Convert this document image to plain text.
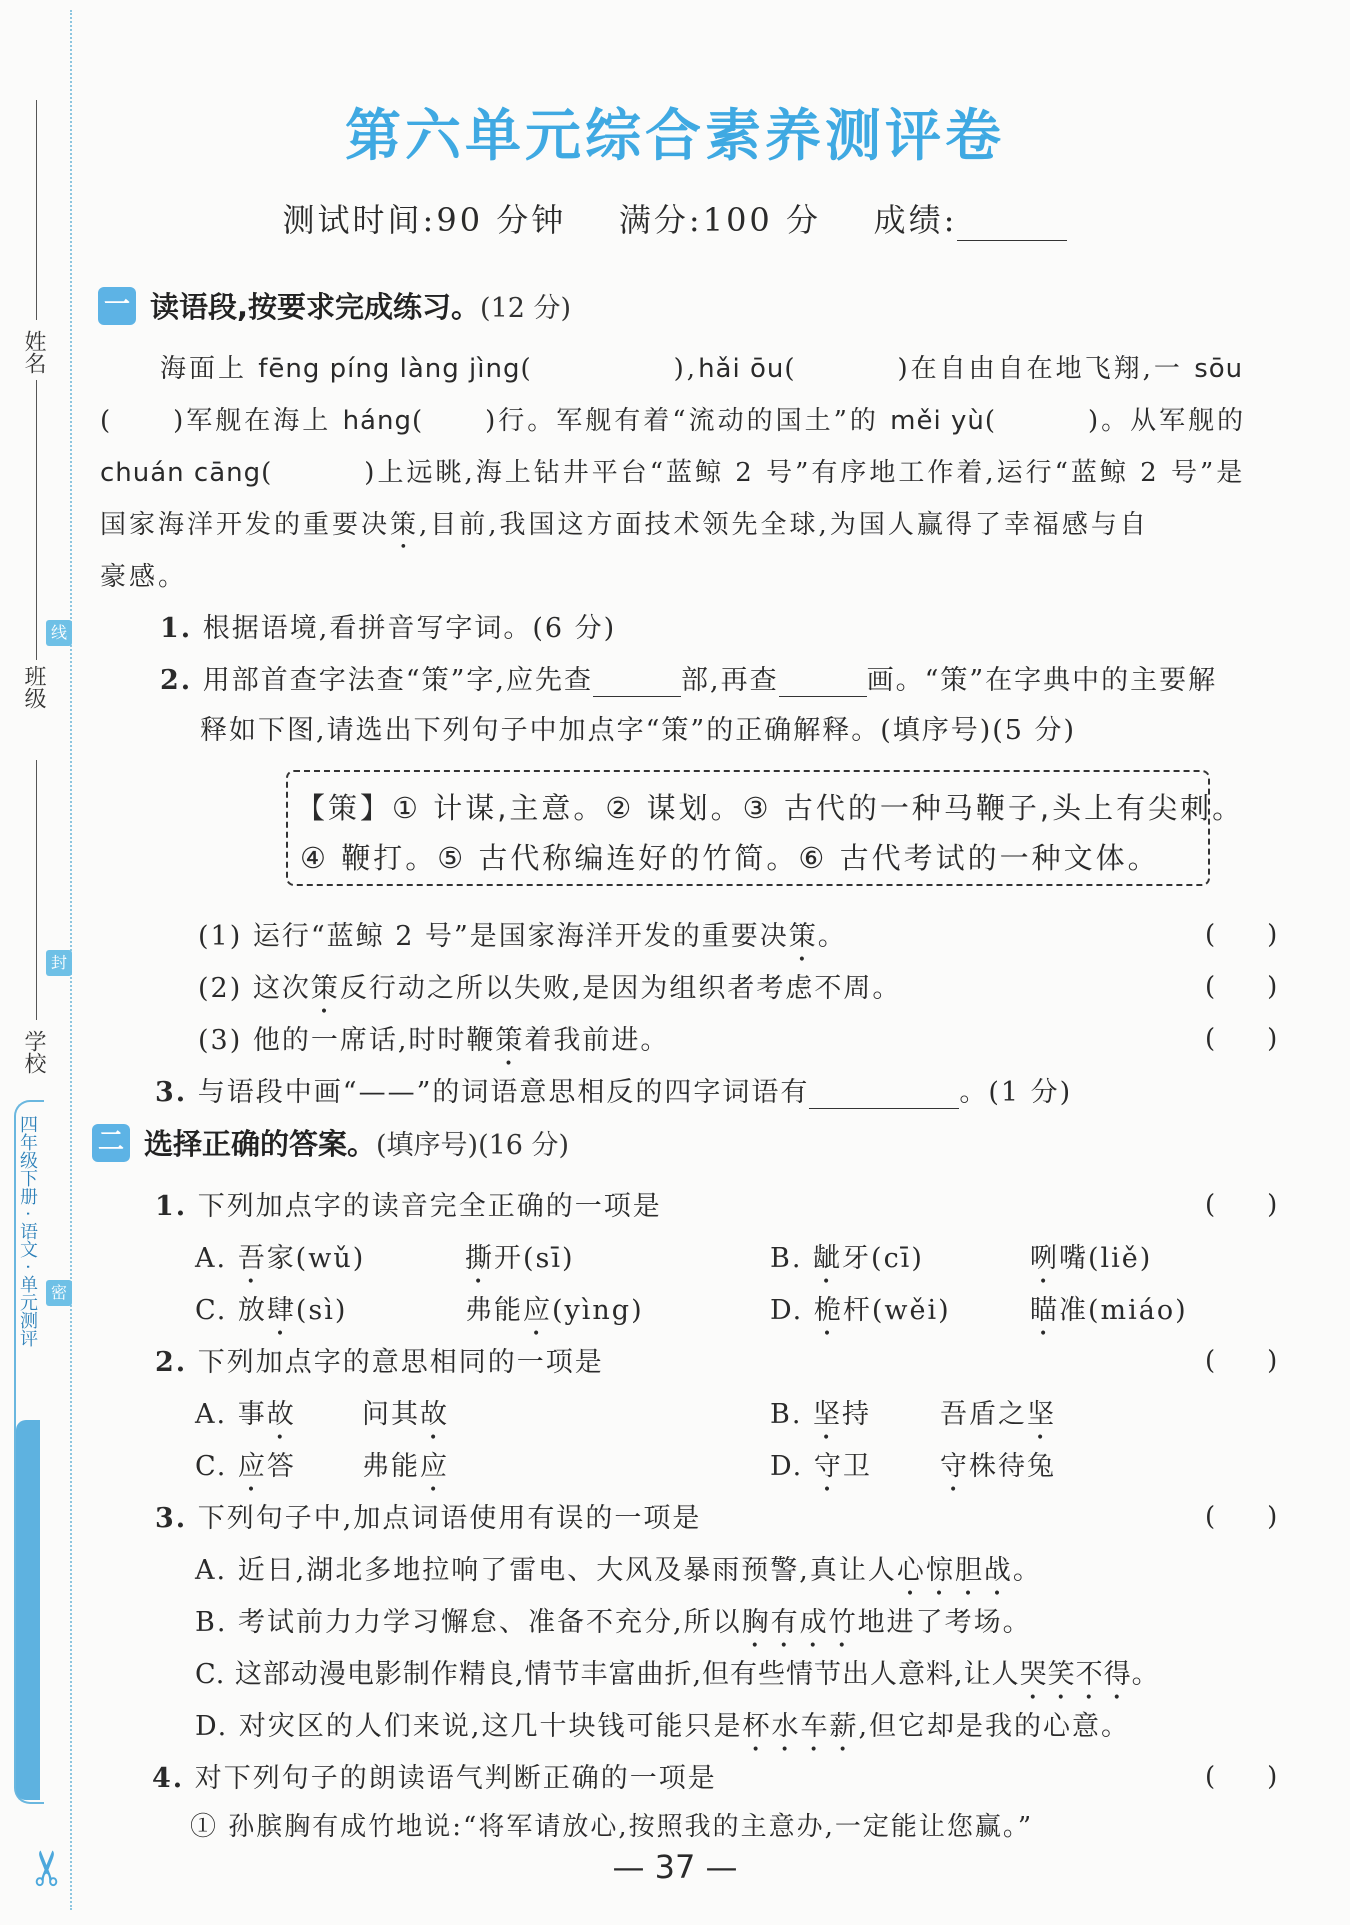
姓名
班级
学校
线
封
密
四年级下册 · 语文 · 单元测评
第六单元综合素养测评卷
测试时间:90 分钟 满分:100 分 成绩:
一 读语段,按要求完成练习。 (12 分)
海面上 fēng píng làng jìng(	),hǎi ōu(	)在自由自在地飞翔,一 sōu
( )军舰在海上 háng( )行。军舰有着“流动的国土”的 měi yù(	)。从军舰的
chuán cāng(	)上远眺,海上钻井平台“蓝鲸 2 号”有序地工作着,运行“蓝鲸 2 号”是
国家海洋开发的重要决策,目前,我国这方面技术领先全球,为国人赢得了幸福感与自
豪感。
1. 根据语境,看拼音写字词。(6 分)
2. 用部首查字法查“策”字,应先查	部,再查	画。“策”在字典中的主要解
释如下图,请选出下列句子中加点字“策”的正确解释。(填序号)(5 分)
【策】① 计谋,主意。② 谋划。③ 古代的一种马鞭子,头上有尖刺。
④ 鞭打。⑤ 古代称编连好的竹简。⑥ 古代考试的一种文体。
(1) 运行“蓝鲸 2 号”是国家海洋开发的重要决策。	(　　)
(2) 这次策反行动之所以失败,是因为组织者考虑不周。	(　　)
(3) 他的一席话,时时鞭策着我前进。	(　　)
3. 与语段中画“——”的词语意思相反的四字词语有	。(1 分)
二 选择正确的答案。 (填序号)(16 分)
1. 下列加点字的读音完全正确的一项是	(　　)
A. 吾家(wǔ)	撕开(sī)	B. 龇牙(cī)	咧嘴(liě)
C. 放肆(sì)	弗能应(yìng)	D. 桅杆(wěi)	瞄准(miáo)
2. 下列加点字的意思相同的一项是	(　　)
A. 事故 问其故	B. 坚持	吾盾之坚
C. 应答 弗能应	D. 守卫	守株待兔
3. 下列句子中,加点词语使用有误的一项是	(　　)
A. 近日,湖北多地拉响了雷电、大风及暴雨预警,真让人心惊胆战。
B. 考试前力力学习懈怠、准备不充分,所以胸有成竹地进了考场。
C. 这部动漫电影制作精良,情节丰富曲折,但有些情节出人意料,让人哭笑不得。
D. 对灾区的人们来说,这几十块钱可能只是杯水车薪,但它却是我的心意。
4. 对下列句子的朗读语气判断正确的一项是	(　　)
① 孙膑胸有成竹地说:“将军请放心,按照我的主意办,一定能让您赢。”
— 37 —
✂
